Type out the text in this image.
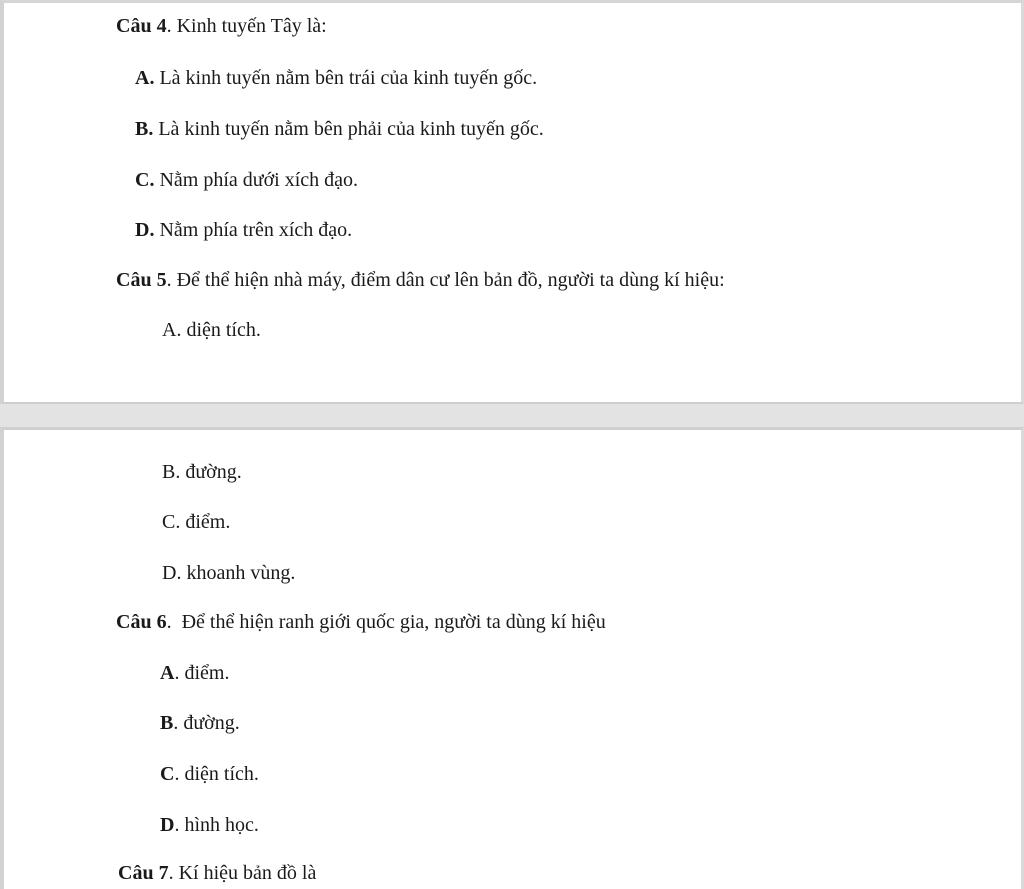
Câu 4. Kinh tuyến Tây là:
A. Là kinh tuyến nằm bên trái của kinh tuyến gốc.
B. Là kinh tuyến nằm bên phải của kinh tuyến gốc.
C. Nằm phía dưới xích đạo.
D. Nằm phía trên xích đạo.
Câu 5. Để thể hiện nhà máy, điểm dân cư lên bản đồ, người ta dùng kí hiệu:
A. diện tích.
B. đường.
C. điểm.
D. khoanh vùng.
Câu 6.  Để thể hiện ranh giới quốc gia, người ta dùng kí hiệu
A. điểm.
B. đường.
C. diện tích.
D. hình học.
Câu 7. Kí hiệu bản đồ là
